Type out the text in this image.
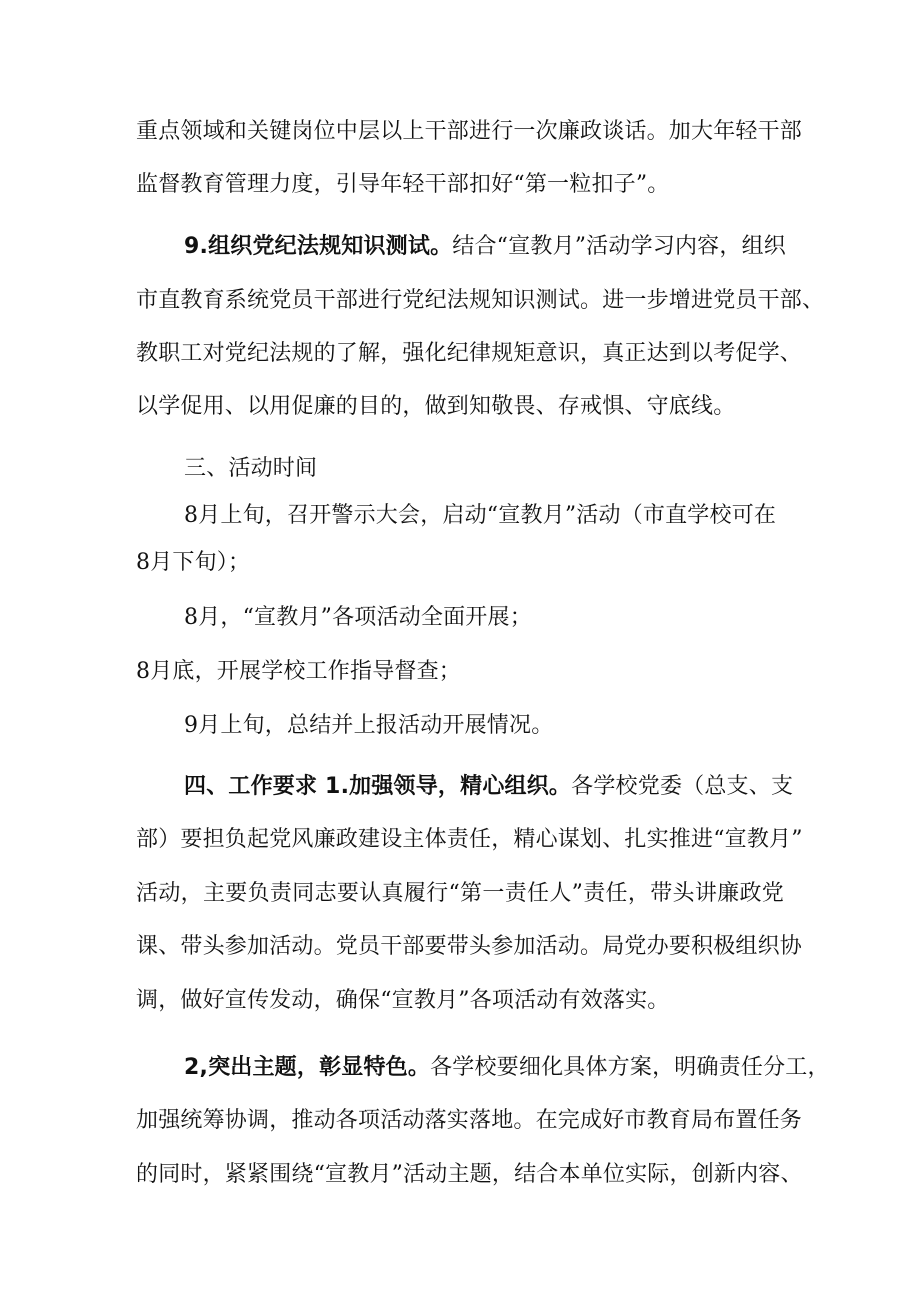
重点领域和关键岗位中层以上干部进行一次廉政谈话。加大年轻干部
监督教育管理力度，引导年轻干部扣好“第一粒扣子”。
9.组织党纪法规知识测试。结合“宣教月”活动学习内容，组织
市直教育系统党员干部进行党纪法规知识测试。进一步增进党员干部、
教职工对党纪法规的了解，强化纪律规矩意识，真正达到以考促学、
以学促用、以用促廉的目的，做到知敬畏、存戒惧、守底线。
三、活动时间
8月上旬，召开警示大会，启动“宣教月”活动（市直学校可在
8月下旬）；
8月，“宣教月”各项活动全面开展；
8月底，开展学校工作指导督查；
9月上旬，总结并上报活动开展情况。
四、工作要求 1.加强领导，精心组织。各学校党委（总支、支
部）要担负起党风廉政建设主体责任，精心谋划、扎实推进“宣教月”
活动，主要负责同志要认真履行“第一责任人”责任，带头讲廉政党
课、带头参加活动。党员干部要带头参加活动。局党办要积极组织协
调，做好宣传发动，确保“宣教月”各项活动有效落实。
2,突出主题，彰显特色。各学校要细化具体方案，明确责任分工，
加强统筹协调，推动各项活动落实落地。在完成好市教育局布置任务
的同时，紧紧围绕“宣教月”活动主题，结合本单位实际，创新内容、
